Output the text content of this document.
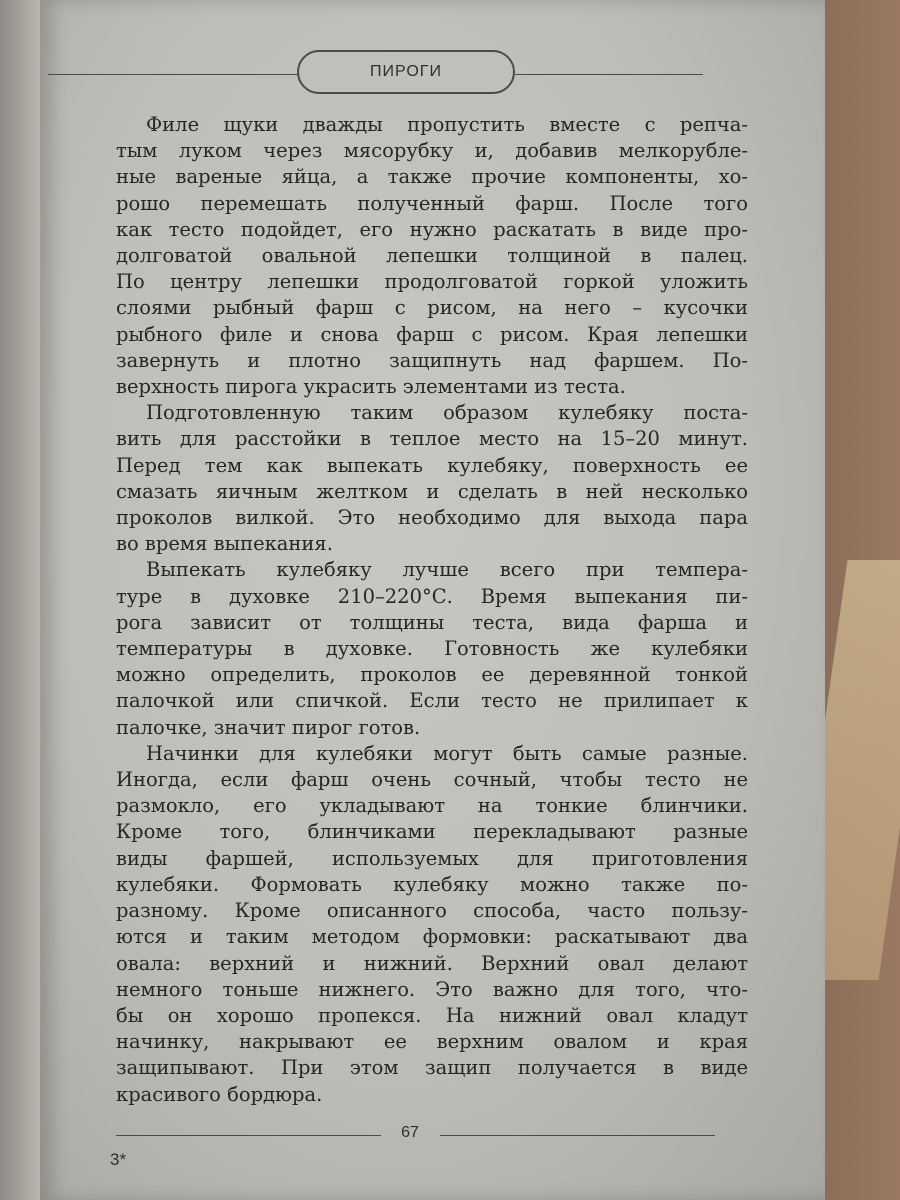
ПИРОГИ
Филе щуки дважды пропустить вместе с репча-
тым луком через мясорубку и, добавив мелкорубле-
ные вареные яйца, а также прочие компоненты, хо-
рошо перемешать полученный фарш. После того
как тесто подойдет, его нужно раскатать в виде про-
долговатой овальной лепешки толщиной в палец.
По центру лепешки продолговатой горкой уложить
слоями рыбный фарш с рисом, на него – кусочки
рыбного филе и снова фарш с рисом. Края лепешки
завернуть и плотно защипнуть над фаршем. По-
верхность пирога украсить элементами из теста.
Подготовленную таким образом кулебяку поста-
вить для расстойки в теплое место на 15–20 минут.
Перед тем как выпекать кулебяку, поверхность ее
смазать яичным желтком и сделать в ней несколько
проколов вилкой. Это необходимо для выхода пара
во время выпекания.
Выпекать кулебяку лучше всего при темпера-
туре в духовке 210–220°С. Время выпекания пи-
рога зависит от толщины теста, вида фарша и
температуры в духовке. Готовность же кулебяки
можно определить, проколов ее деревянной тонкой
палочкой или спичкой. Если тесто не прилипает к
палочке, значит пирог готов.
Начинки для кулебяки могут быть самые разные.
Иногда, если фарш очень сочный, чтобы тесто не
размокло, его укладывают на тонкие блинчики.
Кроме того, блинчиками перекладывают разные
виды фаршей, используемых для приготовления
кулебяки. Формовать кулебяку можно также по-
разному. Кроме описанного способа, часто пользу-
ются и таким методом формовки: раскатывают два
овала: верхний и нижний. Верхний овал делают
немного тоньше нижнего. Это важно для того, что-
бы он хорошо пропекся. На нижний овал кладут
начинку, накрывают ее верхним овалом и края
защипывают. При этом защип получается в виде
красивого бордюра.
67
3*
